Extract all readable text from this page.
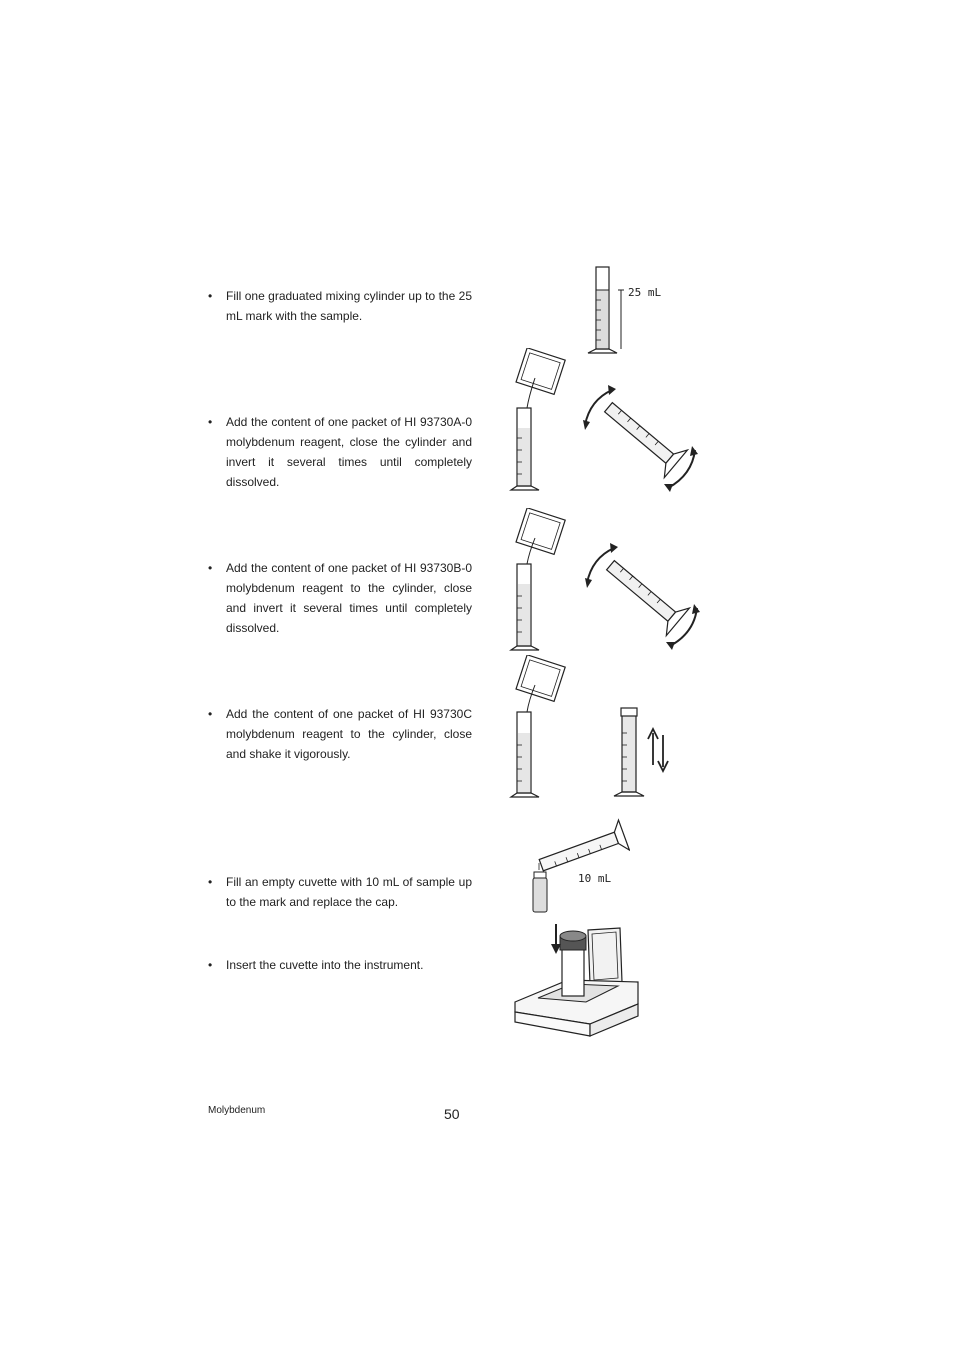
• Fill one graduated mixing cylinder up to the 25 mL mark with the sample.
• Add the content of one packet of HI 93730A-0 molybdenum reagent, close the cylinder and invert it several times until completely dissolved.
• Add the content of one packet of HI 93730B-0 molybdenum reagent to the cylinder, close and invert it several times until completely dissolved.
• Add the content of one packet of HI 93730C molybdenum reagent to the cylinder, close and shake it vigorously.
• Fill an empty cuvette with 10 mL of sample up to the mark and replace the cap.
• Insert the cuvette into the instrument.
25 mL
10 mL
Molybdenum	50
